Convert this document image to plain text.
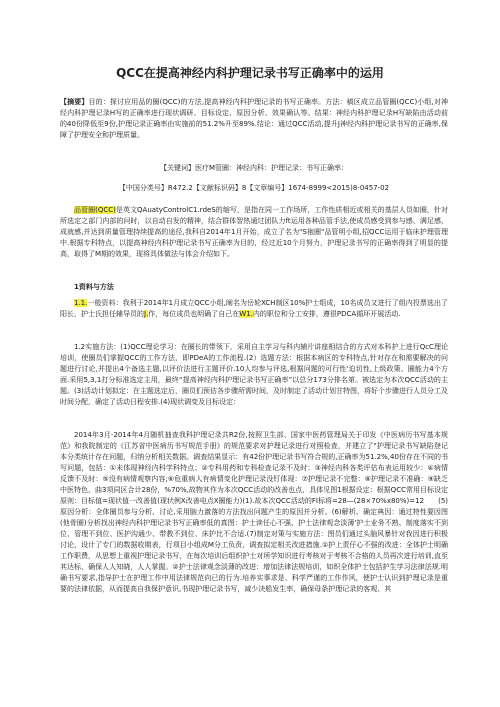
QCC在提高神经内科护理记录书写正确率中的运用
【摘要】目的：探讨应用品的圈(QCC)的方法,提高神经内科护理记录的书写正确率。方法：稿区成立品管圈(QCC)小组,对神经内科护理记录H写的正确率进行现状调研、目标设定、原因分析、效果确认等。结果：神经内科护理记录H写缺陷由活动前的40份降低至9份,护理记录正确率由实施前的51.2%升至89%.结论：通过QCC活动,提升J神经内科护理记录书写的正确率,保障了护理安全和护理质量。
【关键词】医疗M管圈：神经内科：护理记录：书写正确率：
【中国分类号】R472.2【文献标识码】8【文章编号】1674-8999<2015)8-0457-02
品管圈(QCC)是英文QAuatyControlC1.rdeS的缩写，是指在同一工作场所，工作性质相近或相关的基层人员如圈，针对所选定之部门内部的问时，以自动自发的精神，结合群体智热通过团队力ft运用各种品管手法,使成员感受到参与感、满足感、成就感,并达到质量管理持续提高的途径,我科自2014年1月开始，成立了名为"S袍圈"品管明小组,招QCC运用于临床护理管理中.根据专科特点，以提高神经内科护理记录书写正确率为目的，经过近10个月努力，护理记录书写的正确率得到了明显的提高，取得了M期的效果，现将具体做法与体会介绍如下。
1资料与方法
1.1.一般资料：我利于2014年1月成立QCC小组,阐名为岳轮XCH制区10%护士组成，10名成员又进行了组内投票选出了阳长，护士氏担任辅导员的J.作，每位成员也明确了自己在W1.内的职位和分工安排，遵很PDCA循环开展活动.
1.2实施方法：(1)QCC理论学习：在圈长的带领下，采用自主学习与科内辅片讲座相结合的方式对本科护上进行QcC理论培训，使圈员们掌握QCC的工作方法，即PDeA的工作流程.(2）选题方法：根据本病区的专科特点,针对存在和需要解决的问题进行讨论,并提出4个备选主题,以评价法进行主题评价.10人均参与评选,根据问题的可行性'迫切性,上级政策、圈能力4个方面.采用5,3,1打分标准选定主用，最终“提高神经内科护理记录书写正确率”以总分173分排名第。被选定为本次QCC活动的主题。(3)活动计划拟定：在主题选定后，圈员们预估各步骤所需时间，及时制定了活动计划甘特图，将好个步骤进行人员分工及时间分配，确定了活动日程安排.(4)现状调变及目标设定：
2014年3月-2014年4月随机抽查我科护理记录共R2份,按照卫生部、国家中医药管理局关于印发《中医病历书写基本规范》和我院制定的《江苏省中医病历书写规范手册》的规范要求对护理记录进行对照检查，并建立了"护理记录书写缺陷登记本分类统计存在问题，归纳分析相关数据。调查结果显示：有42份护理记录书写符合规的,正确率为51.2%,40份存在不同的书写问题，包括：①未体现神经内科学科特点；②专科用药和专科检查记录不及时：③神经内科各类评估布表运用较少：④病情反馈不及时：⑤没有病情观察内容;⑥危重病人有病情变化护理记录没钉体现：⑦护理记录不完整：⑧护理记录不准确：⑨缺乏中医特色，曲3项同区合计28份，%70%,故物其作为本次QCC活动的改善也点，具体见图1根据设定：根据QCC常用目标设定原则：目标值=现状值一改善值(现状例X改善电点X圈能力)(1).故本次QCC活动的FI标将=28—(28×70%x80%)=12　　(5)原因分析：全体圈员参与分析、讨论,采用脑力激落的方法找出问题产生的原因并分析。(6)解析、确定典因：通过特性要因图(他骨圈)分析找出神经内科护理记录书写正确率低的真图：护士读任心不强、护士法律观念淡薄'护士业务不熟、制度落实不到位、管理不到位、医护沟通少、带教不到位、床护比不合适.(7)制定对策与实施方法：图员们通过头脑风暴针对我因进行积极讨论，设计了专门的数据收期表，行项目小组成M分工负贲，调查拟定相关改进措施.①护上责仔心不强的改进：全体护士明确工作职费，从思想上重视护理记录书写，在每次培训后组织护士对所学知识进行考核对于考核不合格的人员再次进行培训,直至其达标，确保人人知晓，人人掌握。②护士法律观念淡薄的改进：增加法律法规培训，如织全体护士包括护生学习法律法规.明确书写要求,指导护士在护理工作中用法律规范向已的行为.培养实事求是、科学严谨的工作作风，使护士认识到护理记录是重要的法律依据，从而提高自我保护意识,书现护理记录书写，减少决船发生率，确保母条护理记录的客观、其
